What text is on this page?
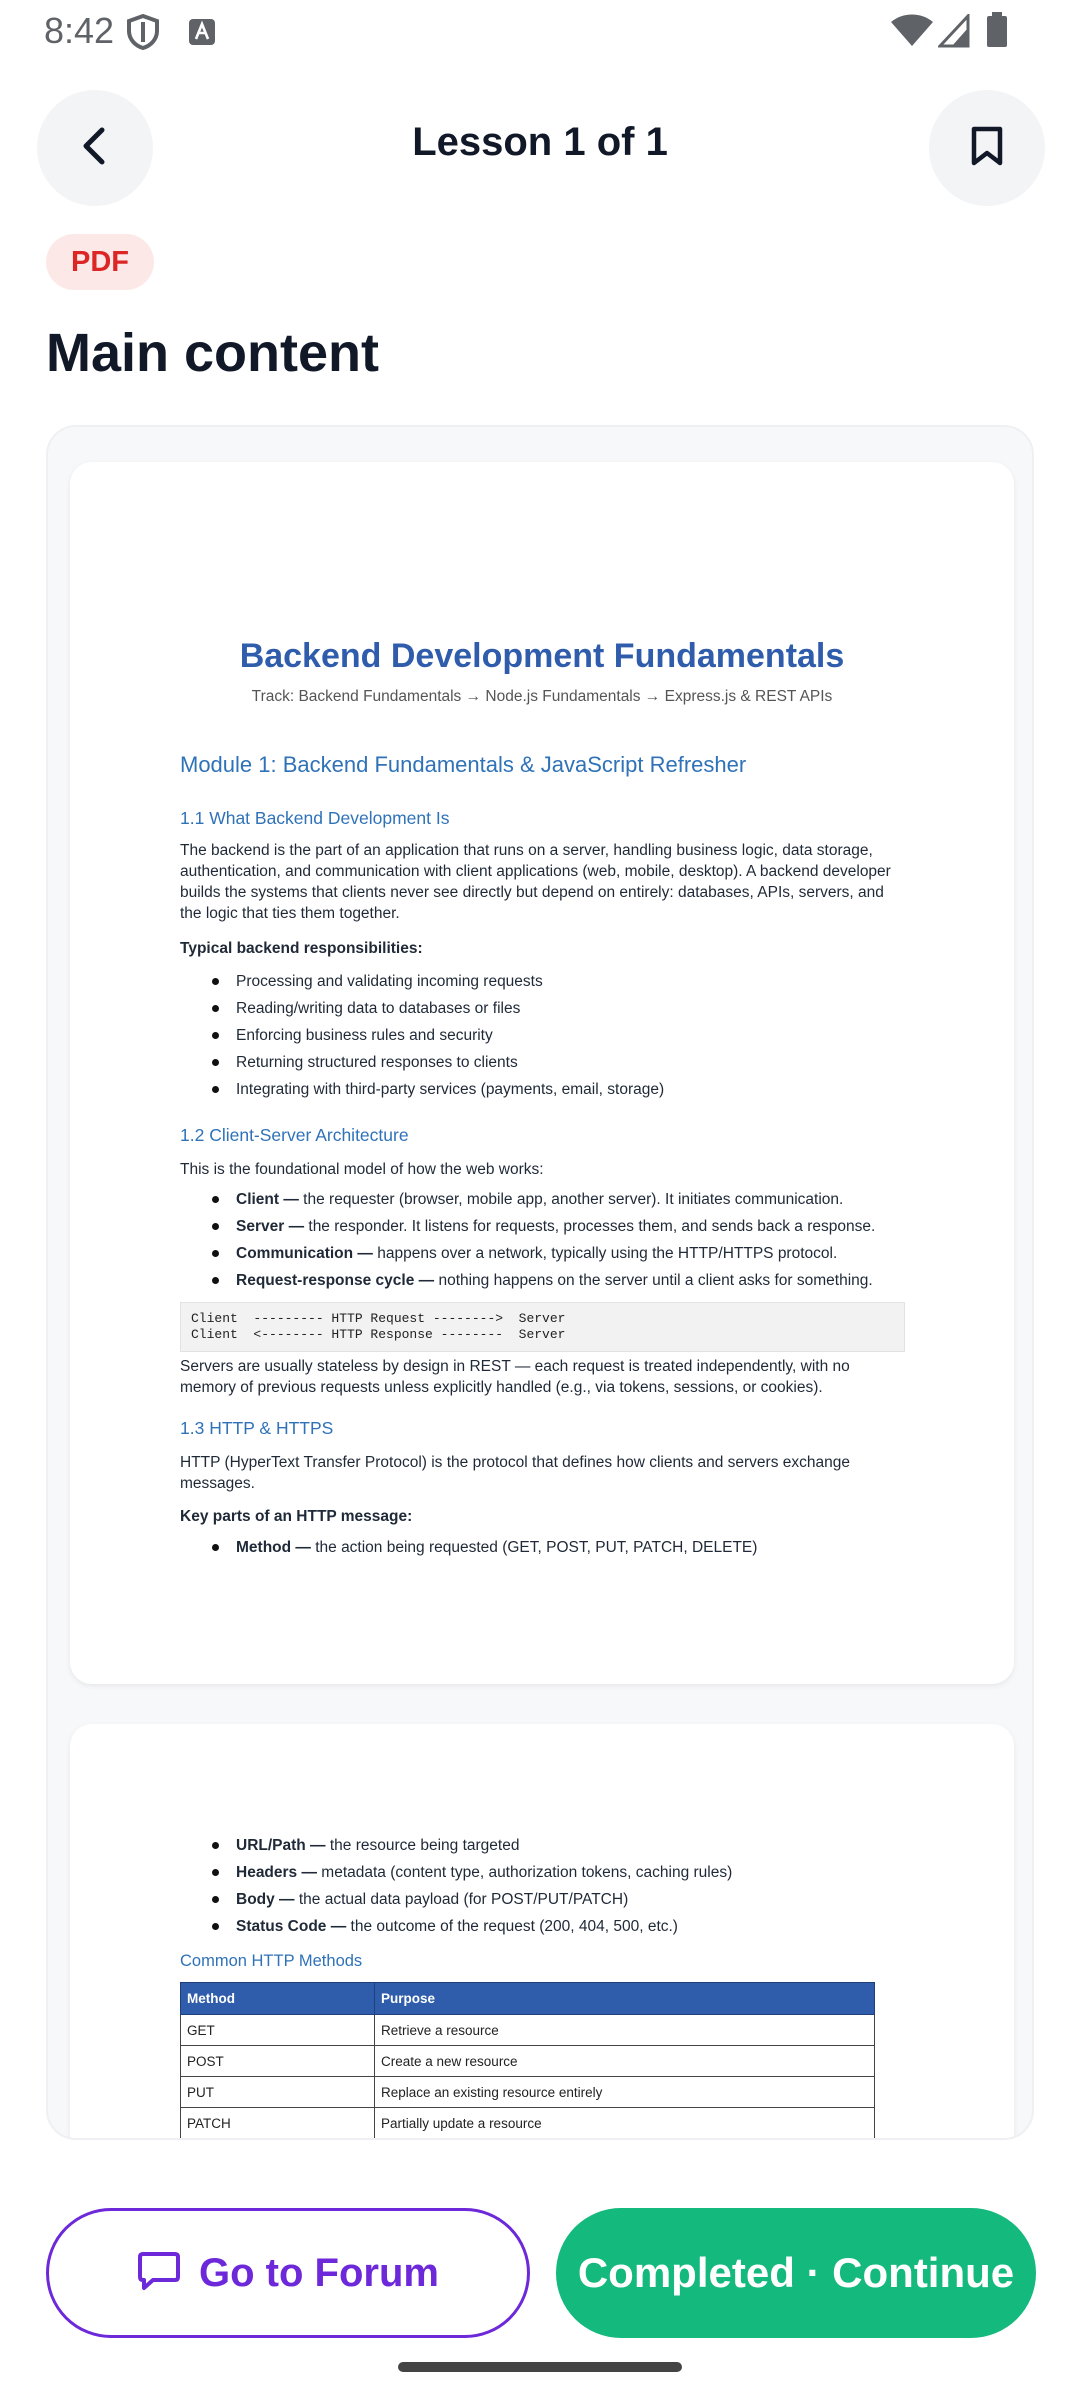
8:42
Lesson 1 of 1
PDF
Main content
Backend Development Fundamentals
Track: Backend Fundamentals → Node.js Fundamentals → Express.js & REST APIs
Module 1: Backend Fundamentals & JavaScript Refresher
1.1 What Backend Development Is
The backend is the part of an application that runs on a server, handling business logic, data storage, authentication, and communication with client applications (web, mobile, desktop). A backend developer builds the systems that clients never see directly but depend on entirely: databases, APIs, servers, and the logic that ties them together.
Typical backend responsibilities:
Processing and validating incoming requests
Reading/writing data to databases or files
Enforcing business rules and security
Returning structured responses to clients
Integrating with third-party services (payments, email, storage)
1.2 Client-Server Architecture
This is the foundational model of how the web works:
Client — the requester (browser, mobile app, another server). It initiates communication.
Server — the responder. It listens for requests, processes them, and sends back a response.
Communication — happens over a network, typically using the HTTP/HTTPS protocol.
Request-response cycle — nothing happens on the server until a client asks for something.
Client  --------- HTTP Request -------->  Server
Client  <-------- HTTP Response --------  Server
Servers are usually stateless by design in REST — each request is treated independently, with no memory of previous requests unless explicitly handled (e.g., via tokens, sessions, or cookies).
1.3 HTTP & HTTPS
HTTP (HyperText Transfer Protocol) is the protocol that defines how clients and servers exchange messages.
Key parts of an HTTP message:
Method — the action being requested (GET, POST, PUT, PATCH, DELETE)
URL/Path — the resource being targeted
Headers — metadata (content type, authorization tokens, caching rules)
Body — the actual data payload (for POST/PUT/PATCH)
Status Code — the outcome of the request (200, 404, 500, etc.)
Common HTTP Methods
Method	Purpose
GET	Retrieve a resource
POST	Create a new resource
PUT	Replace an existing resource entirely
PATCH	Partially update a resource
Go to Forum	Completed · Continue
